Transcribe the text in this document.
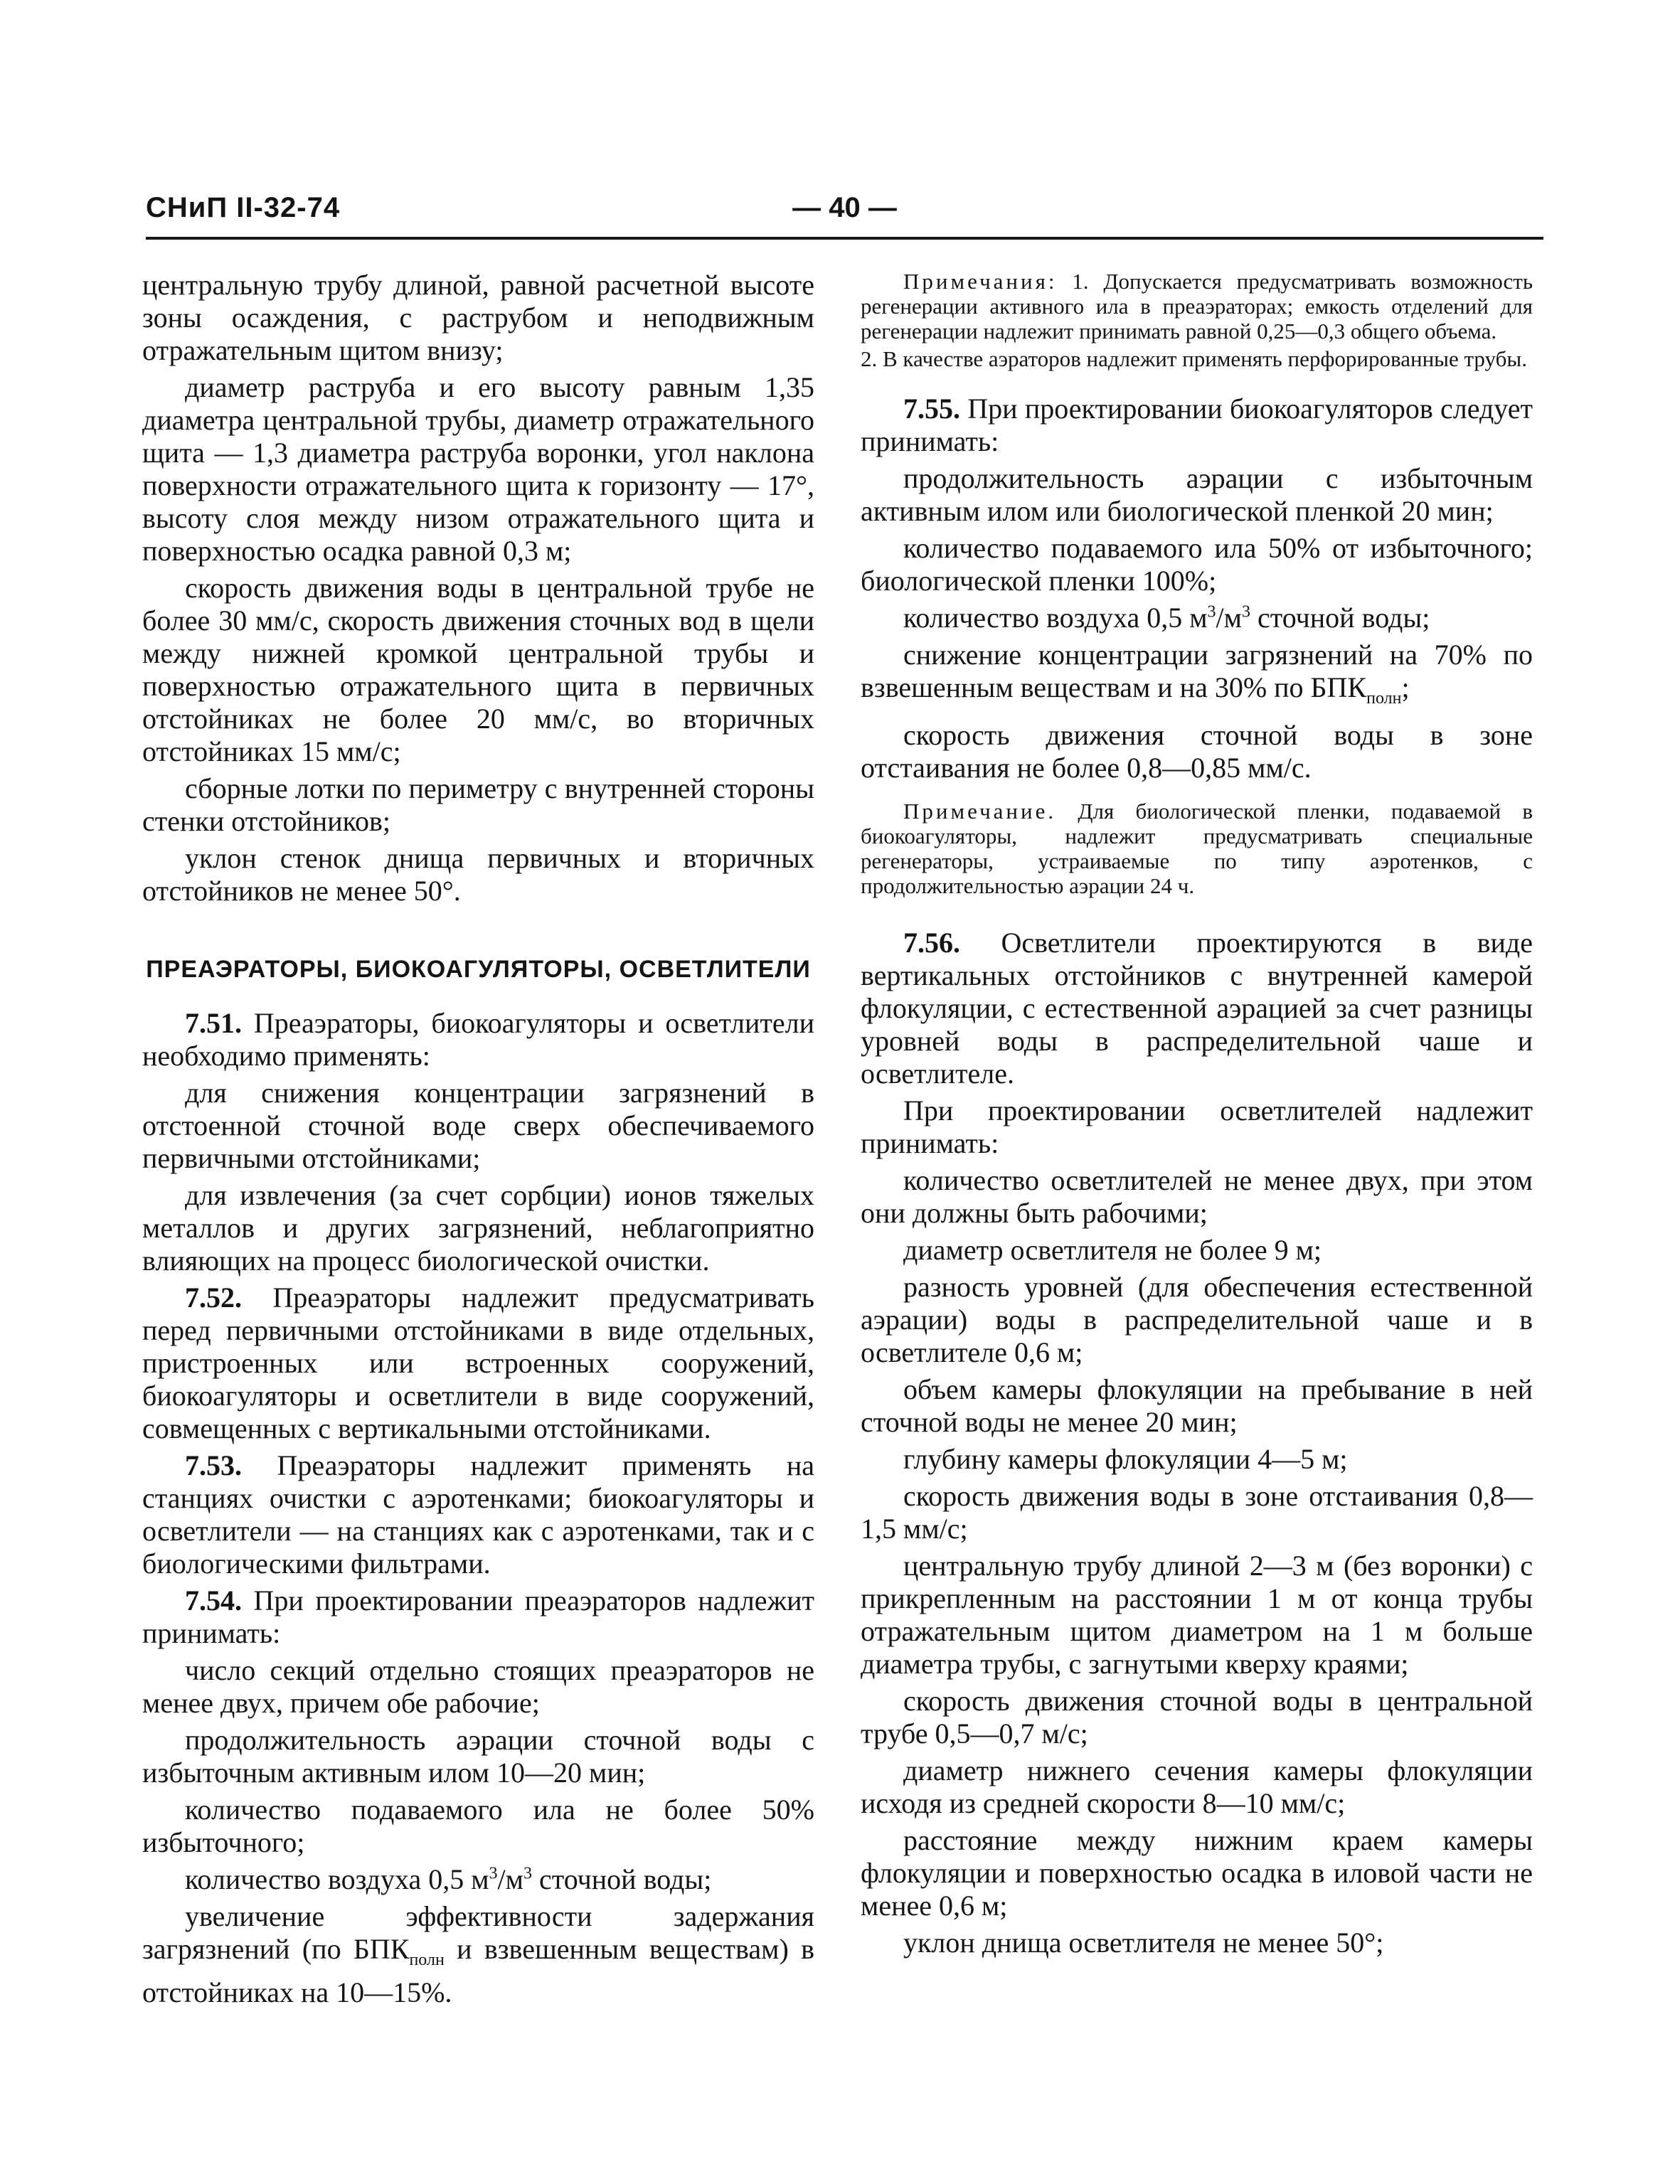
СНиП II-32-74	— 40 —

центральную трубу длиной, равной расчетной высоте зоны осаждения, с раструбом и неподвижным отражательным щитом внизу;

диаметр раструба и его высоту равным 1,35 диаметра центральной трубы, диаметр отражательного щита — 1,3 диаметра раструба воронки, угол наклона поверхности отражательного щита к горизонту — 17°, высоту слоя между низом отражательного щита и поверхностью осадка равной 0,3 м;

скорость движения воды в центральной трубе не более 30 мм/с, скорость движения сточных вод в щели между нижней кромкой центральной трубы и поверхностью отражательного щита в первичных отстойниках не более 20 мм/с, во вторичных отстойниках 15 мм/с;

сборные лотки по периметру с внутренней стороны стенки отстойников;

уклон стенок днища первичных и вторичных отстойников не менее 50°.

ПРЕАЭРАТОРЫ, БИОКОАГУЛЯТОРЫ, ОСВЕТЛИТЕЛИ

7.51. Преаэраторы, биокоагуляторы и осветлители необходимо применять:

для снижения концентрации загрязнений в отстоенной сточной воде сверх обеспечиваемого первичными отстойниками;

для извлечения (за счет сорбции) ионов тяжелых металлов и других загрязнений, неблагоприятно влияющих на процесс биологической очистки.

7.52. Преаэраторы надлежит предусматривать перед первичными отстойниками в виде отдельных, пристроенных или встроенных сооружений, биокоагуляторы и осветлители в виде сооружений, совмещенных с вертикальными отстойниками.

7.53. Преаэраторы надлежит применять на станциях очистки с аэротенками; биокоагуляторы и осветлители — на станциях как с аэротенками, так и с биологическими фильтрами.

7.54. При проектировании преаэраторов надлежит принимать:

число секций отдельно стоящих преаэраторов не менее двух, причем обе рабочие;

продолжительность аэрации сточной воды с избыточным активным илом 10—20 мин;

количество подаваемого ила не более 50% избыточного;

количество воздуха 0,5 $м^3/м^3$ сточной воды;

увеличение эффективности задержания загрязнений (по $БПК_{полн}$ и взвешенным веществам) в отстойниках на 10—15%.

Примечания: 1. Допускается предусматривать возможность регенерации активного ила в преаэраторах; емкость отделений для регенерации надлежит принимать равной 0,25—0,3 общего объема.

2. В качестве аэраторов надлежит применять перфорированные трубы.

7.55. При проектировании биокоагуляторов следует принимать:

продолжительность аэрации с избыточным активным илом или биологической пленкой 20 мин;

количество подаваемого ила 50% от избыточного; биологической пленки 100%;

количество воздуха 0,5 $м^3/м^3$ сточной воды;

снижение концентрации загрязнений на 70% по взвешенным веществам и на 30% по $БПК_{полн}$;

скорость движения сточной воды в зоне отстаивания не более 0,8—0,85 мм/с.

Примечание. Для биологической пленки, подаваемой в биокоагуляторы, надлежит предусматривать специальные регенераторы, устраиваемые по типу аэротенков, с продолжительностью аэрации 24 ч.

7.56. Осветлители проектируются в виде вертикальных отстойников с внутренней камерой флокуляции, с естественной аэрацией за счет разницы уровней воды в распределительной чаше и осветлителе.

При проектировании осветлителей надлежит принимать:

количество осветлителей не менее двух, при этом они должны быть рабочими;

диаметр осветлителя не более 9 м;

разность уровней (для обеспечения естественной аэрации) воды в распределительной чаше и в осветлителе 0,6 м;

объем камеры флокуляции на пребывание в ней сточной воды не менее 20 мин;

глубину камеры флокуляции 4—5 м;

скорость движения воды в зоне отстаивания 0,8—1,5 мм/с;

центральную трубу длиной 2—3 м (без воронки) с прикрепленным на расстоянии 1 м от конца трубы отражательным щитом диаметром на 1 м больше диаметра трубы, с загнутыми кверху краями;

скорость движения сточной воды в центральной трубе 0,5—0,7 м/с;

диаметр нижнего сечения камеры флокуляции исходя из средней скорости 8—10 мм/с;

расстояние между нижним краем камеры флокуляции и поверхностью осадка в иловой части не менее 0,6 м;

уклон днища осветлителя не менее 50°;
